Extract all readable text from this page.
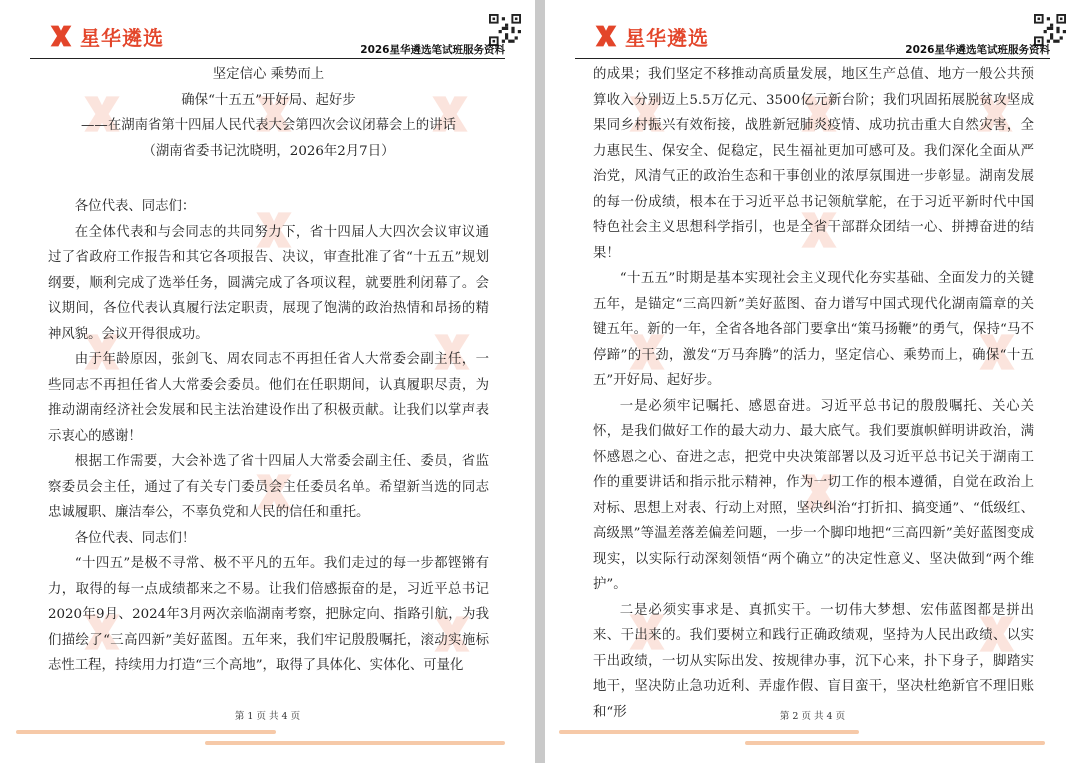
星华遴选
2026星华遴选笔试班服务资料
坚定信心 乘势而上
确保“十五五”开好局、起好步
——在湖南省第十四届人民代表大会第四次会议闭幕会上的讲话
（湖南省委书记沈晓明，2026年2月7日）

各位代表、同志们：

在全体代表和与会同志的共同努力下，省十四届人大四次会议审议通过了省政府工作报告和其它各项报告、决议，审查批准了省“十五五”规划纲要，顺利完成了选举任务，圆满完成了各项议程，就要胜利闭幕了。会议期间，各位代表认真履行法定职责，展现了饱满的政治热情和昂扬的精神风貌。会议开得很成功。

由于年龄原因，张剑飞、周农同志不再担任省人大常委会副主任，一些同志不再担任省人大常委会委员。他们在任职期间，认真履职尽责，为推动湖南经济社会发展和民主法治建设作出了积极贡献。让我们以掌声表示衷心的感谢！

根据工作需要，大会补选了省十四届人大常委会副主任、委员，省监察委员会主任，通过了有关专门委员会主任委员名单。希望新当选的同志忠诚履职、廉洁奉公，不辜负党和人民的信任和重托。

各位代表、同志们！

“十四五”是极不寻常、极不平凡的五年。我们走过的每一步都铿锵有力，取得的每一点成绩都来之不易。让我们倍感振奋的是，习近平总书记2020年9月、2024年3月两次亲临湖南考察，把脉定向、指路引航，为我们描绘了“三高四新”美好蓝图。五年来，我们牢记殷殷嘱托，滚动实施标志性工程，持续用力打造“三个高地”，取得了具体化、实体化、可量化

第 1 页 共 4 页
星华遴选
2026星华遴选笔试班服务资料

的成果；我们坚定不移推动高质量发展，地区生产总值、地方一般公共预算收入分别迈上5.5万亿元、3500亿元新台阶；我们巩固拓展脱贫攻坚成果同乡村振兴有效衔接，战胜新冠肺炎疫情、成功抗击重大自然灾害，全力惠民生、保安全、促稳定，民生福祉更加可感可及。我们深化全面从严治党，风清气正的政治生态和干事创业的浓厚氛围进一步彰显。湖南发展的每一份成绩，根本在于习近平总书记领航掌舵，在于习近平新时代中国特色社会主义思想科学指引，也是全省干部群众团结一心、拼搏奋进的结果！

“十五五”时期是基本实现社会主义现代化夯实基础、全面发力的关键五年，是锚定“三高四新”美好蓝图、奋力谱写中国式现代化湖南篇章的关键五年。新的一年，全省各地各部门要拿出“策马扬鞭”的勇气，保持“马不停蹄”的干劲，激发“万马奔腾”的活力，坚定信心、乘势而上，确保“十五五”开好局、起好步。

一是必须牢记嘱托、感恩奋进。习近平总书记的殷殷嘱托、关心关怀，是我们做好工作的最大动力、最大底气。我们要旗帜鲜明讲政治，满怀感恩之心、奋进之志，把党中央决策部署以及习近平总书记关于湖南工作的重要讲话和指示批示精神，作为一切工作的根本遵循，自觉在政治上对标、思想上对表、行动上对照，坚决纠治“打折扣、搞变通”、“低级红、高级黑”等温差落差偏差问题，一步一个脚印地把“三高四新”美好蓝图变成现实，以实际行动深刻领悟“两个确立”的决定性意义、坚决做到“两个维护”。

二是必须实事求是、真抓实干。一切伟大梦想、宏伟蓝图都是拼出来、干出来的。我们要树立和践行正确政绩观，坚持为人民出政绩、以实干出政绩，一切从实际出发、按规律办事，沉下心来，扑下身子，脚踏实地干，坚决防止急功近利、弄虚作假、盲目蛮干，坚决杜绝新官不理旧账和“形	第 2 页 共 4 页
